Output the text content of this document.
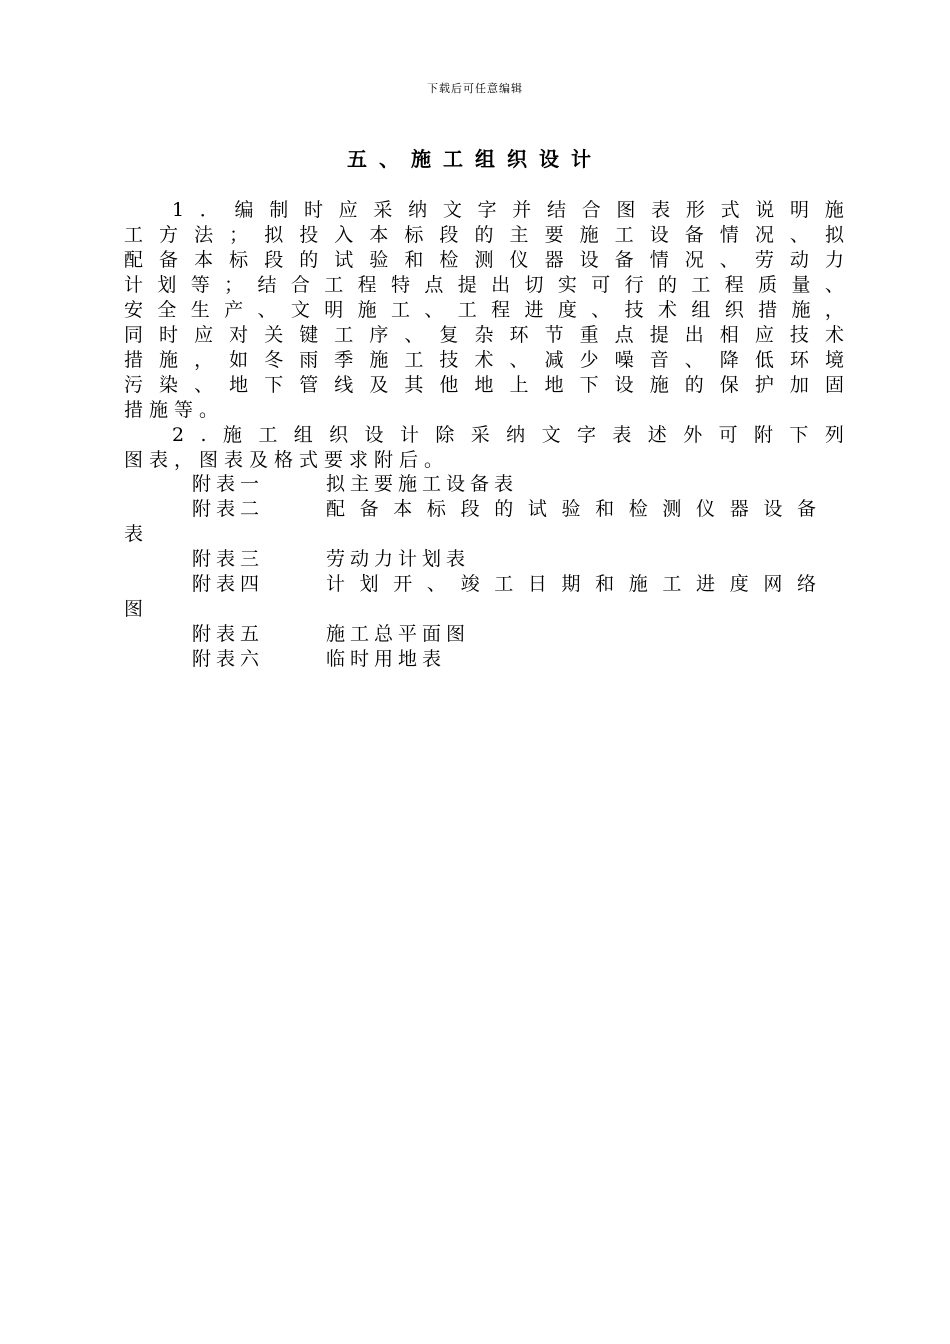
下载后可任意编辑
五、施工组织设计
1 ． 编 制 时 应 采 纳 文 字 并 结 合 图 表 形 式 说 明 施
工 方 法 ； 拟 投 入 本 标 段 的 主 要 施 工 设 备 情 况 、 拟
配 备 本 标 段 的 试 验 和 检 测 仪 器 设 备 情 况 、 劳 动 力
计 划 等 ； 结 合 工 程 特 点 提 出 切 实 可 行 的 工 程 质 量 、
安 全 生 产 、 文 明 施 工 、 工 程 进 度 、 技 术 组 织 措 施 ，
同 时 应 对 关 键 工 序 、 复 杂 环 节 重 点 提 出 相 应 技 术
措 施 ， 如 冬 雨 季 施 工 技 术 、 减 少 噪 音 、 降 低 环 境
污 染 、 地 下 管 线 及 其 他 地 上 地 下 设 施 的 保 护 加 固
措施等。
2 . 施 工 组 织 设 计 除 采 纳 文 字 表 述 外 可 附 下 列
图表，图表及格式要求附后。
附表一	拟主要施工设备表
附表二	配 备 本 标 段 的 试 验 和 检 测 仪 器 设 备
表
附表三	劳动力计划表
附表四	计 划 开 、 竣 工 日 期 和 施 工 进 度 网 络
图
附表五	施工总平面图
附表六	临时用地表
